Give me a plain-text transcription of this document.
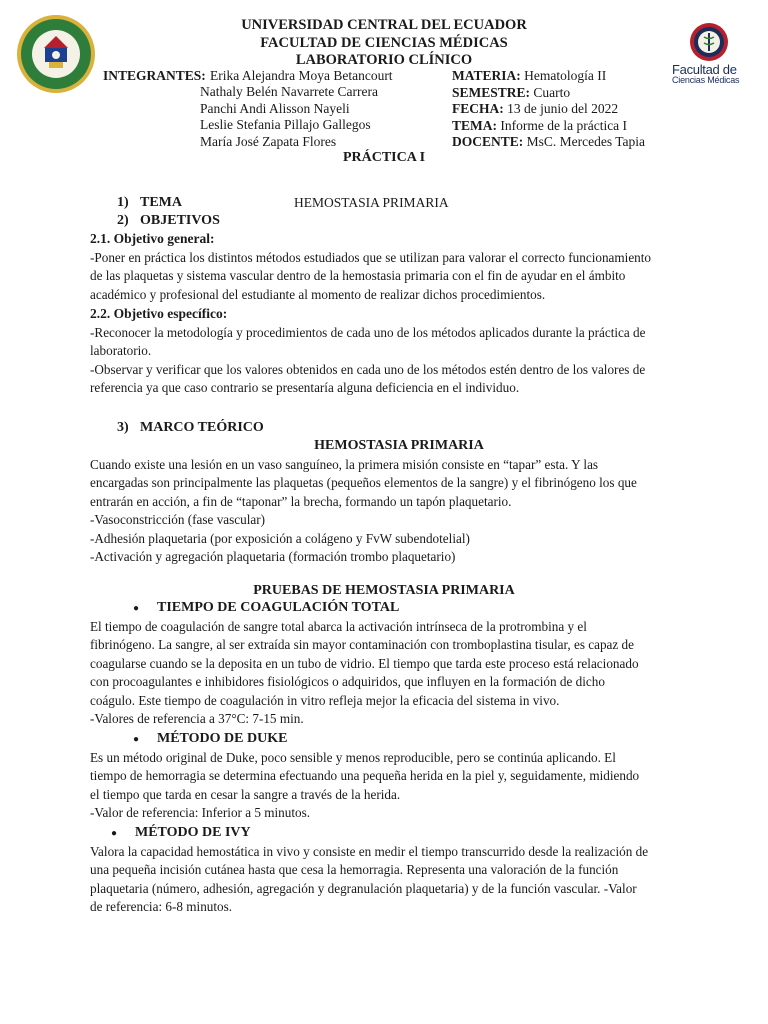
Facultad de
Ciencias Médicas
UNIVERSIDAD CENTRAL DEL ECUADOR
FACULTAD DE CIENCIAS MÉDICAS
LABORATORIO CLÍNICO
INTEGRANTES: Erika Alejandra Moya Betancourt
Nathaly Belén Navarrete Carrera
Panchi Andi Alisson Nayeli
Leslie Stefania Pillajo Gallegos
María José Zapata Flores
MATERIA: Hematología II
SEMESTRE: Cuarto
FECHA: 13 de junio del 2022
TEMA: Informe de la práctica I
DOCENTE: MsC. Mercedes Tapia
PRÁCTICA I
1) TEMA	HEMOSTASIA PRIMARIA
2) OBJETIVOS
2.1. Objetivo general:
-Poner en práctica los distintos métodos estudiados que se utilizan para valorar el correcto funcionamiento
de las plaquetas y sistema vascular dentro de la hemostasia primaria con el fin de ayudar en el ámbito
académico y profesional del estudiante al momento de realizar dichos procedimientos.
2.2. Objetivo específico:
-Reconocer la metodología y procedimientos de cada uno de los métodos aplicados durante la práctica de
laboratorio.
-Observar y verificar que los valores obtenidos en cada uno de los métodos estén dentro de los valores de
referencia ya que caso contrario se presentaría alguna deficiencia en el individuo.
3) MARCO TEÓRICO
HEMOSTASIA PRIMARIA
Cuando existe una lesión en un vaso sanguíneo, la primera misión consiste en “tapar” esta. Y las
encargadas son principalmente las plaquetas (pequeños elementos de la sangre) y el fibrinógeno los que
entrarán en acción, a fin de “taponar” la brecha, formando un tapón plaquetario.
-Vasoconstricción (fase vascular)
-Adhesión plaquetaria (por exposición a colágeno y FvW subendotelial)
-Activación y agregación plaquetaria (formación trombo plaquetario)
PRUEBAS DE HEMOSTASIA PRIMARIA
● TIEMPO DE COAGULACIÓN TOTAL
El tiempo de coagulación de sangre total abarca la activación intrínseca de la protrombina y el
fibrinógeno. La sangre, al ser extraída sin mayor contaminación con tromboplastina tisular, es capaz de
coagularse cuando se la deposita en un tubo de vidrio. El tiempo que tarda este proceso está relacionado
con procoagulantes e inhibidores fisiológicos o adquiridos, que influyen en la formación de dicho
coágulo. Este tiempo de coagulación in vitro refleja mejor la eficacia del sistema in vivo.
-Valores de referencia a 37°C: 7-15 min.
● MÉTODO DE DUKE
Es un método original de Duke, poco sensible y menos reproducible, pero se continúa aplicando. El
tiempo de hemorragia se determina efectuando una pequeña herida en la piel y, seguidamente, midiendo
el tiempo que tarda en cesar la sangre a través de la herida.
-Valor de referencia: Inferior a 5 minutos.
● MÉTODO DE IVY
Valora la capacidad hemostática in vivo y consiste en medir el tiempo transcurrido desde la realización de
una pequeña incisión cutánea hasta que cesa la hemorragia. Representa una valoración de la función
plaquetaria (número, adhesión, agregación y degranulación plaquetaria) y de la función vascular. -Valor
de referencia: 6-8 minutos.
